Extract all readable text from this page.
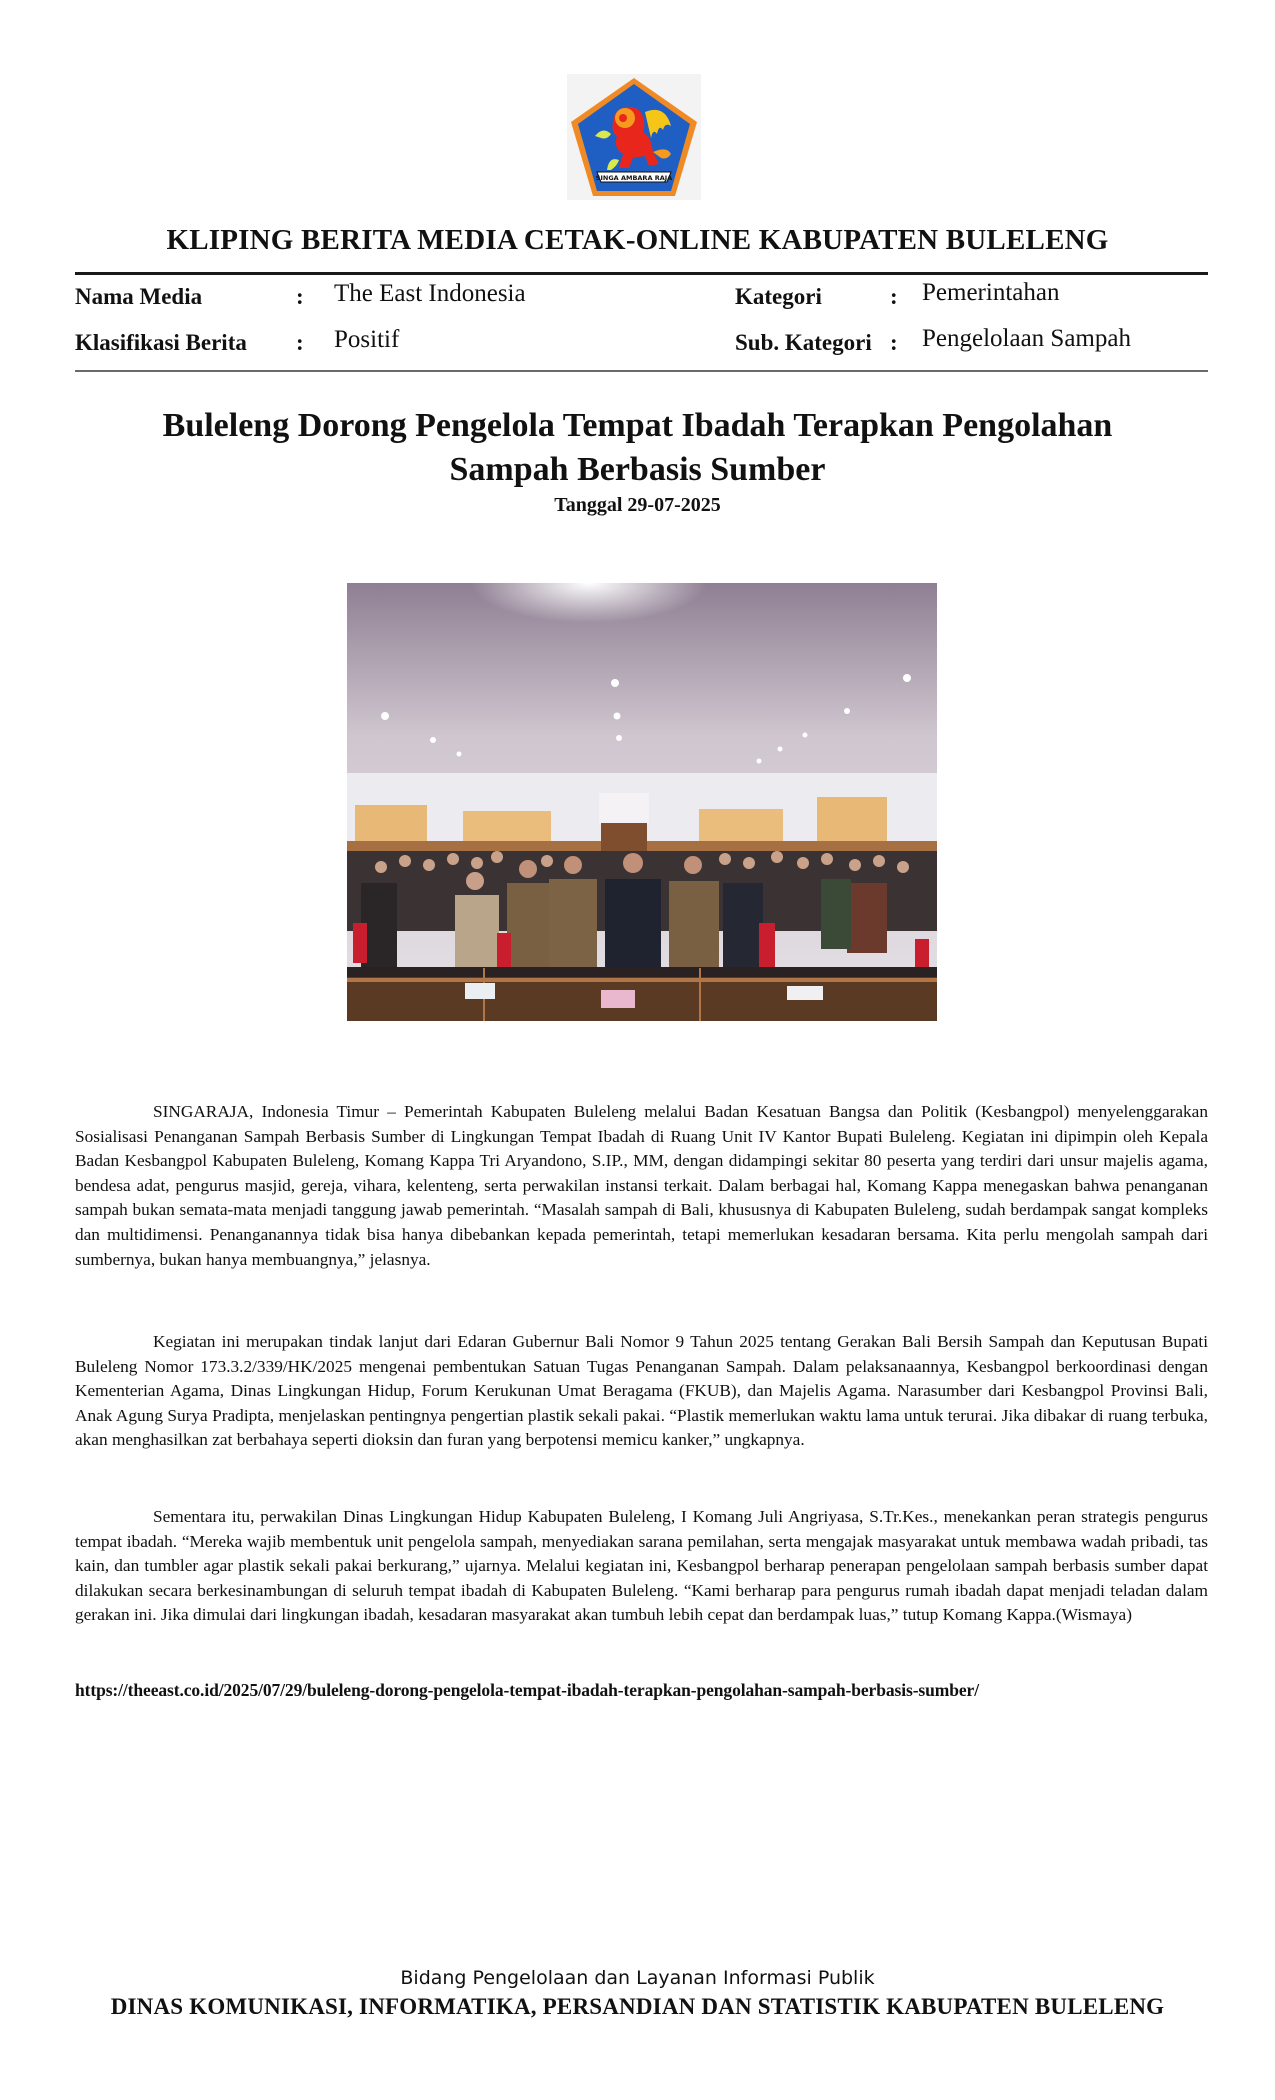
SINGA AMBARA RAJA
KLIPING BERITA MEDIA CETAK-ONLINE KABUPATEN BULELENG
Nama Media	: The East Indonesia
Klasifikasi Berita : Positif
Kategori	: Pemerintahan
Sub. Kategori : Pengelolaan Sampah
Buleleng Dorong Pengelola Tempat Ibadah Terapkan Pengolahan
Sampah Berbasis Sumber
Tanggal 29-07-2025

SINGARAJA, Indonesia Timur – Pemerintah Kabupaten Buleleng melalui Badan Kesatuan Bangsa dan Politik (Kesbangpol) menyelenggarakan Sosialisasi Penanganan Sampah Berbasis Sumber di Lingkungan Tempat Ibadah di Ruang Unit IV Kantor Bupati Buleleng. Kegiatan ini dipimpin oleh Kepala Badan Kesbangpol Kabupaten Buleleng, Komang Kappa Tri Aryandono, S.IP., MM, dengan didampingi sekitar 80 peserta yang terdiri dari unsur majelis agama, bendesa adat, pengurus masjid, gereja, vihara, kelenteng, serta perwakilan instansi terkait. Dalam berbagai hal, Komang Kappa menegaskan bahwa penanganan sampah bukan semata-mata menjadi tanggung jawab pemerintah. “Masalah sampah di Bali, khususnya di Kabupaten Buleleng, sudah berdampak sangat kompleks dan multidimensi. Penanganannya tidak bisa hanya dibebankan kepada pemerintah, tetapi memerlukan kesadaran bersama. Kita perlu mengolah sampah dari sumbernya, bukan hanya membuangnya,” jelasnya.

Kegiatan ini merupakan tindak lanjut dari Edaran Gubernur Bali Nomor 9 Tahun 2025 tentang Gerakan Bali Bersih Sampah dan Keputusan Bupati Buleleng Nomor 173.3.2/339/HK/2025 mengenai pembentukan Satuan Tugas Penanganan Sampah. Dalam pelaksanaannya, Kesbangpol berkoordinasi dengan Kementerian Agama, Dinas Lingkungan Hidup, Forum Kerukunan Umat Beragama (FKUB), dan Majelis Agama. Narasumber dari Kesbangpol Provinsi Bali, Anak Agung Surya Pradipta, menjelaskan pentingnya pengertian plastik sekali pakai. “Plastik memerlukan waktu lama untuk terurai. Jika dibakar di ruang terbuka, akan menghasilkan zat berbahaya seperti dioksin dan furan yang berpotensi memicu kanker,” ungkapnya.

Sementara itu, perwakilan Dinas Lingkungan Hidup Kabupaten Buleleng, I Komang Juli Angriyasa, S.Tr.Kes., menekankan peran strategis pengurus tempat ibadah. “Mereka wajib membentuk unit pengelola sampah, menyediakan sarana pemilahan, serta mengajak masyarakat untuk membawa wadah pribadi, tas kain, dan tumbler agar plastik sekali pakai berkurang,” ujarnya. Melalui kegiatan ini, Kesbangpol berharap penerapan pengelolaan sampah berbasis sumber dapat dilakukan secara berkesinambungan di seluruh tempat ibadah di Kabupaten Buleleng. “Kami berharap para pengurus rumah ibadah dapat menjadi teladan dalam gerakan ini. Jika dimulai dari lingkungan ibadah, kesadaran masyarakat akan tumbuh lebih cepat dan berdampak luas,” tutup Komang Kappa.(Wismaya)

https://theeast.co.id/2025/07/29/buleleng-dorong-pengelola-tempat-ibadah-terapkan-pengolahan-sampah-berbasis-sumber/
Bidang Pengelolaan dan Layanan Informasi Publik
DINAS KOMUNIKASI, INFORMATIKA, PERSANDIAN DAN STATISTIK KABUPATEN BULELENG
